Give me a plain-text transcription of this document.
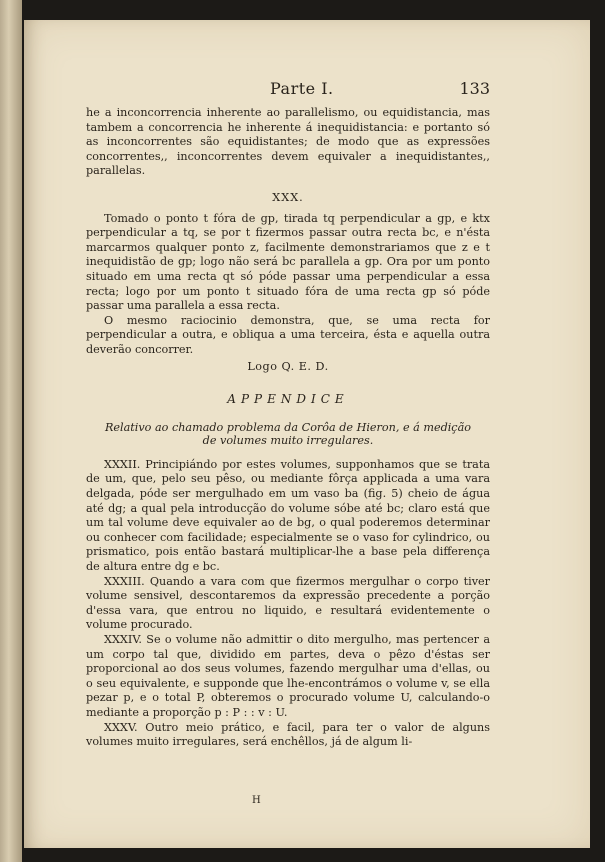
Parte I.	133

he a inconcorrencia inherente ao parallelismo, ou equidistancia, mas tambem a concorrencia he inherente á inequidistancia: e portanto só as inconcorrentes são equidistantes; de modo que as expressões concorrentes,, inconcorrentes devem equivaler a inequidistantes,, parallelas.

XXX.

Tomado o ponto t fóra de gp, tirada tq perpendicular a gp, e ktx perpendicular a tq, se por t fizermos passar outra recta bc, e n'ésta marcarmos qualquer ponto z, facilmente demonstrariamos que z e t inequidistão de gp; logo não será bc parallela a gp. Ora por um ponto situado em uma recta qt só póde passar uma perpendicular a essa recta; logo por um ponto t situado fóra de uma recta gp só póde passar uma parallela a essa recta.

O mesmo raciocinio demonstra, que, se uma recta for perpendicular a outra, e obliqua a uma terceira, ésta e aquella outra deverão concorrer.

Logo Q. E. D.

APPENDICE

Relativo ao chamado problema da Corôa de Hieron, e á medição de volumes muito irregulares.

XXXII. Principiándo por estes volumes, supponhamos que se trata de um, que, pelo seu pêso, ou mediante fôrça applicada a uma vara delgada, póde ser mergulhado em um vaso ba (fig. 5) cheio de água até dg; a qual pela introducção do volume sóbe até bc; claro está que um tal volume deve equivaler ao de bg, o qual poderemos determinar ou conhecer com facilidade; especialmente se o vaso for cylindrico, ou prismatico, pois então bastará multiplicar-lhe a base pela differença de altura entre dg e bc.

XXXIII. Quando a vara com que fizermos mergulhar o corpo tiver volume sensivel, descontaremos da expressão precedente a porção d'essa vara, que entrou no liquido, e resultará evidentemente o volume procurado.

XXXIV. Se o volume não admittir o dito mergulho, mas pertencer a um corpo tal que, dividido em partes, deva o pêzo d'éstas ser proporcional ao dos seus volumes, fazendo mergulhar uma d'ellas, ou o seu equivalente, e supponde que lhe-encontrámos o volume v, se ella pezar p, e o total P, obteremos o procurado volume U, calculando-o mediante a proporção p : P : : v : U.

XXXV. Outro meio prático, e facil, para ter o valor de alguns volumes muito irregulares, será enchêllos, já de algum li-

H
